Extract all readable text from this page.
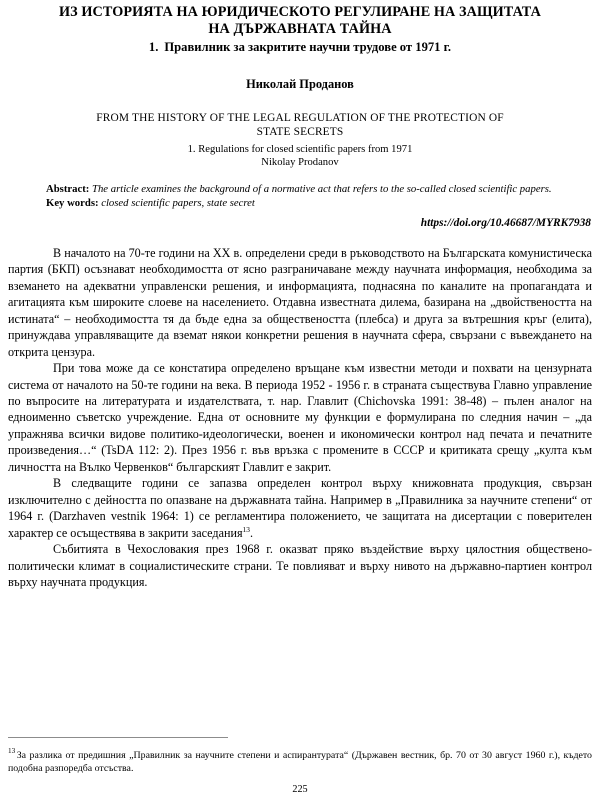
ИЗ ИСТОРИЯТА НА ЮРИДИЧЕСКОТО РЕГУЛИРАНЕ НА ЗАЩИТАТА
НА ДЪРЖАВНАТА ТАЙНА
1. Правилник за закритите научни трудове от 1971 г.
Николай Проданов
FROM THE HISTORY OF THE LEGAL REGULATION OF THE PROTECTION OF
STATE SECRETS
1. Regulations for closed scientific papers from 1971
Nikolay Prodanov

Abstract: The article examines the background of a normative act that refers to the so-called closed scientific papers.

Key words: closed scientific papers, state secret

https://doi.org/10.46687/MYRK7938

В началото на 70-те години на ХХ в. определени среди в ръководството на Българската комунистическа партия (БКП) осъзнават необходимостта от ясно разграничаване между научната информация, необходима за вземането на адекватни управленски решения, и информацията, поднасяна по каналите на пропагандата и агитацията към широките слоеве на населението. Отдавна известната дилема, базирана на „двойствеността на истината“ – необходимостта тя да бъде една за обществеността (плебса) и друга за вътрешния кръг (елита), принуждава управляващите да вземат някои конкретни решения в научната сфера, свързани с въвеждането на открита цензура.

При това може да се констатира определено връщане към известни методи и похвати на цензурната система от началото на 50-те години на века. В периода 1952 - 1956 г. в страната съществува Главно управление по въпросите на литературата и издателствата, т. нар. Главлит (Chichovska 1991: 38-48) – пълен аналог на едноименно съветско учреждение. Една от основните му функции е формулирана по следния начин – „да упражнява всички видове политико-идеологически, военен и икономически контрол над печата и печатните произведения…“ (TsDA 112: 2). През 1956 г. във връзка с промените в СССР и критиката срещу „култа към личността на Вълко Червенков“ българският Главлит е закрит.

В следващите години се запазва определен контрол върху книжовната продукция, свързан изключително с дейността по опазване на държавната тайна. Например в „Правилника за научните степени“ от 1964 г. (Darzhaven vestnik 1964: 1) се регламентира положението, че защитата на дисертации с поверителен характер се осъществява в закрити заседания$^{13}$.

Събитията в Чехословакия през 1968 г. оказват пряко въздействие върху цялостния обществено-политически климат в социалистическите страни. Те повлияват и върху нивото на държавно-партиен контрол върху научната продукция.

$^{13}$ За разлика от предишния „Правилник за научните степени и аспирантурата“ (Държавен вестник, бр. 70 от 30 август 1960 г.), където подобна разпоредба отсъства.

225
